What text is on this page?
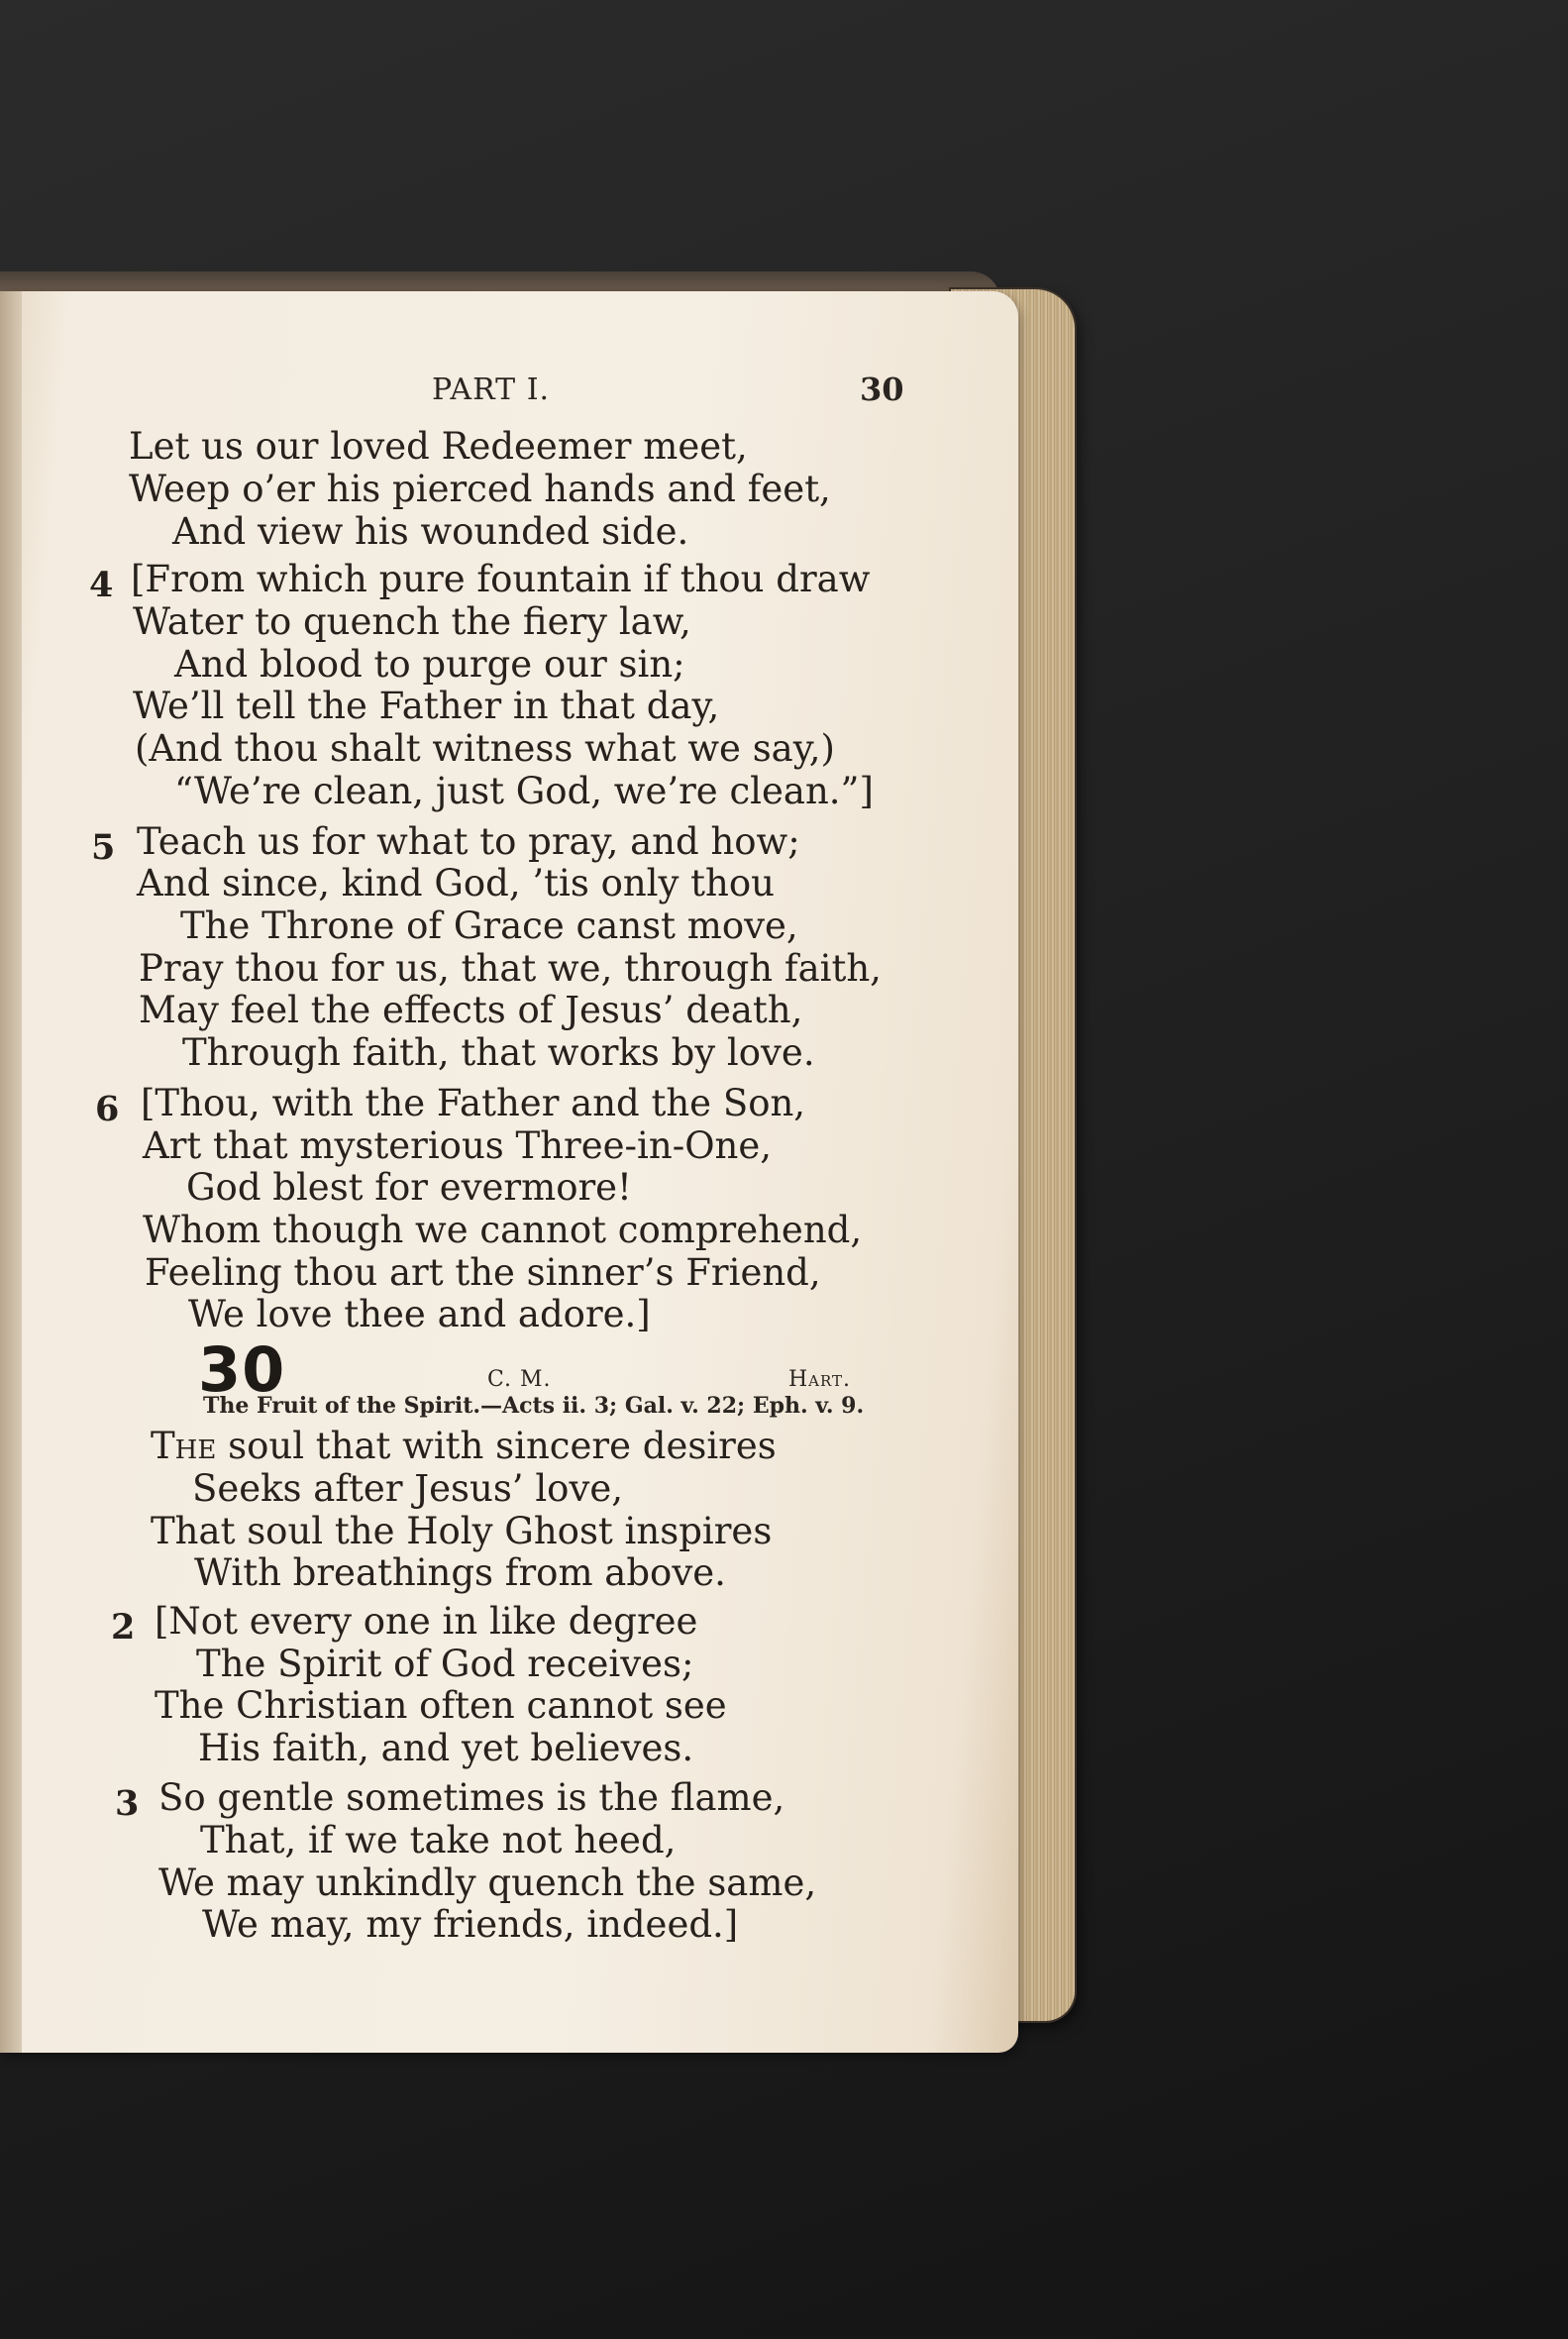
PART I.	30
Let us our loved Redeemer meet,
Weep o’er his pierced hands and feet,
And view his wounded side.
4 [From which pure fountain if thou draw
Water to quench the fiery law,
And blood to purge our sin;
We’ll tell the Father in that day,
(And thou shalt witness what we say,)
“We’re clean, just God, we’re clean.”]
5 Teach us for what to pray, and how;
And since, kind God, ’tis only thou
The Throne of Grace canst move,
Pray thou for us, that we, through faith,
May feel the effects of Jesus’ death,
Through faith, that works by love.
6 [Thou, with the Father and the Son,
Art that mysterious Three-in-One,
God blest for evermore!
Whom though we cannot comprehend,
Feeling thou art the sinner’s Friend,
We love thee and adore.]
30	C. M.	Hart.
The Fruit of the Spirit.—Acts ii. 3; Gal. v. 22; Eph. v. 9.
The soul that with sincere desires
Seeks after Jesus’ love,
That soul the Holy Ghost inspires
With breathings from above.
2 [Not every one in like degree
The Spirit of God receives;
The Christian often cannot see
His faith, and yet believes.
3 So gentle sometimes is the flame,
That, if we take not heed,
We may unkindly quench the same,
We may, my friends, indeed.]
